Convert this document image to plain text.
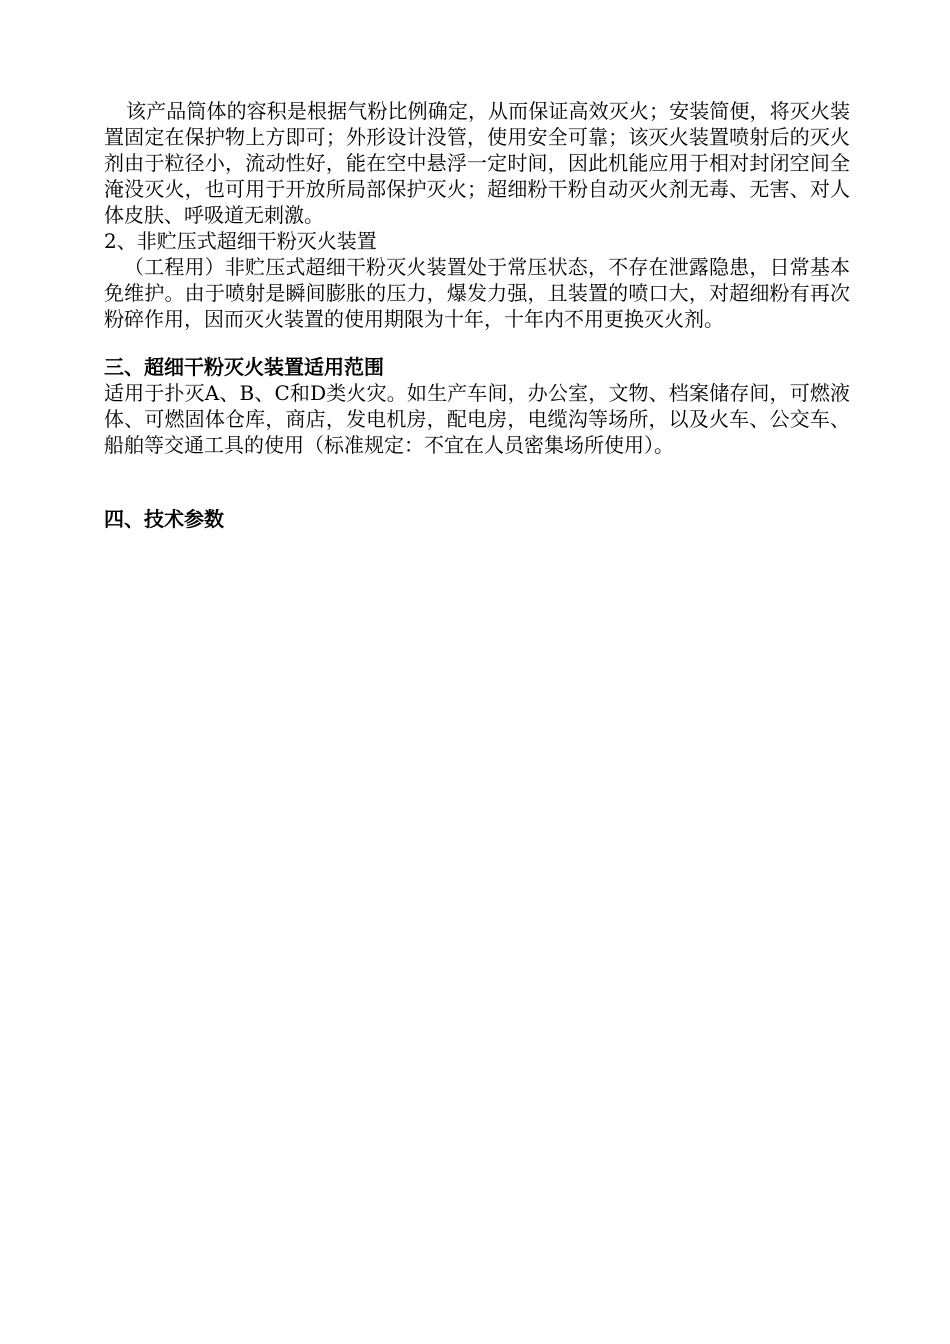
该产品筒体的容积是根据气粉比例确定，从而保证高效灭火；安装简便，将灭火装置固定在保护物上方即可；外形设计没管，使用安全可靠；该灭火装置喷射后的灭火剂由于粒径小，流动性好，能在空中悬浮一定时间，因此机能应用于相对封闭空间全淹没灭火，也可用于开放所局部保护灭火；超细粉干粉自动灭火剂无毒、无害、对人体皮肤、呼吸道无刺激。

2、非贮压式超细干粉灭火装置

（工程用）非贮压式超细干粉灭火装置处于常压状态，不存在泄露隐患，日常基本免维护。由于喷射是瞬间膨胀的压力，爆发力强，且装置的喷口大，对超细粉有再次粉碎作用，因而灭火装置的使用期限为十年，十年内不用更换灭火剂。

三、超细干粉灭火装置适用范围

适用于扑灭A、B、C和D类火灾。如生产车间，办公室，文物、档案储存间，可燃液体、可燃固体仓库，商店，发电机房，配电房，电缆沟等场所，以及火车、公交车、船舶等交通工具的使用（标准规定：不宜在人员密集场所使用）。

四、技术参数
